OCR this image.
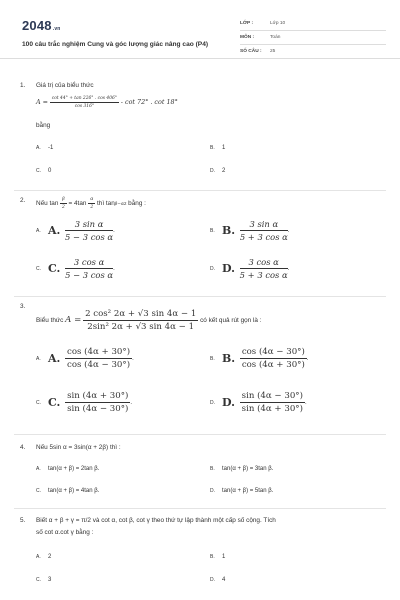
2048.vn
100 câu trắc nghiệm Cung và góc lượng giác nâng cao (P4)
LỚP :	Lớp 10
MÔN :	Toán
SỐ CÂU : 25
1. Giá trị của biểu thức
$A = \frac{\cot 44^\circ + \tan 226^\circ . \cos 406^\circ}{\cos 316^\circ} - \cot 72^\circ$ . cot 18°
bằng
A. -1	B. 1
C. 0	D. 2
2. Nếu $\tan \frac{\beta}{2} = 4\tan \frac{\alpha}{2}$ thì tanβ−α2 bằng :
A. A. $\frac{\text{3 sin α}}{\text{5 − 3 cos α}}$ .	B. B. $\frac{\text{3 sin α}}{\text{5 + 3 cos α}}$ .
C. C. $\frac{\text{3 cos α}}{\text{5 − 3 cos α}}$ .	D. D. $\frac{\text{3 cos α}}{\text{5 + 3 cos α}}$ .
3.
Biểu thức $A = \frac{\text{2 cos² 2α + √3 sin 4α − 1}}{\text{2sin² 2α + √3 sin 4α − 1}}$ có kết quả rút gọn là :
A. A. $\frac{\cos (4\alpha + 30^\circ)}{\cos (4\alpha - 30^\circ)}$ .	B. B. $\frac{\cos (4\alpha - 30^\circ)}{\cos (4\alpha + 30^\circ)}$ .
C. C. $\frac{\sin (4\alpha + 30^\circ)}{\sin (4\alpha - 30^\circ)}$ .	D. D. $\frac{\sin (4\alpha - 30^\circ)}{\sin (4\alpha + 30^\circ)}$ .
4. Nếu 5sin α = 3sin(α + 2β) thì :
A. tan(α + β) = 2tan β.	B. tan(α + β) = 3tan β.
C. tan(α + β) = 4tan β.	D. tan(α + β) = 5tan β.
5. Biết α + β + γ = π/2 và cot α, cot β, cot γ theo thứ tự lập thành một cấp số cộng. Tích
số cot α.cot γ bằng :
A. 2	B. 1
C. 3	D. 4
